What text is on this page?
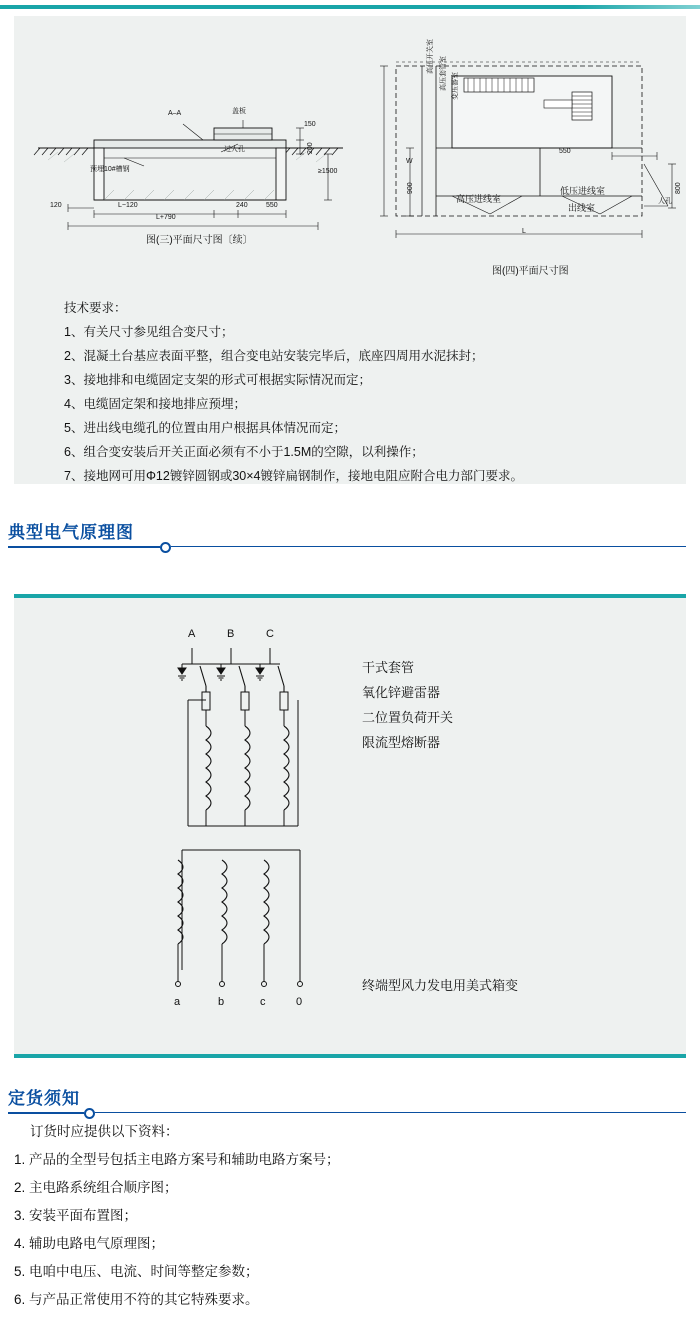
A–A	盖板
过人孔
预埋10#槽钢
150
200
≥1500
120	L−120	240	550
L+790
图(三)平面尺寸图〔续〕
高压开关室 高压套管室 变压器室
高压进线室
低压进线室
出线室
人孔
W
900
L
550
800
图(四)平面尺寸图
技术要求：
1、有关尺寸参见组合变尺寸；
2、混凝土台基应表面平整，组合变电站安装完毕后，底座四周用水泥抹封；
3、接地排和电缆固定支架的形式可根据实际情况而定；
4、电缆固定架和接地排应预埋；
5、进出线电缆孔的位置由用户根据具体情况而定；
6、组合变安装后开关正面必须有不小于1.5M的空隙，以利操作；
7、接地网可用Φ12镀锌圆钢或30×4镀锌扁钢制作，接地电阻应附合电力部门要求。
典型电气原理图
A	B	C
a	b	c	0
干式套管
氧化锌避雷器
二位置负荷开关
限流型熔断器
终端型风力发电用美式箱变
定货须知
订货时应提供以下资料：
1. 产品的全型号包括主电路方案号和辅助电路方案号；
2. 主电路系统组合顺序图；
3. 安装平面布置图；
4. 辅助电路电气原理图；
5. 电咱中电压、电流、时间等整定参数；
6. 与产品正常使用不符的其它特殊要求。
